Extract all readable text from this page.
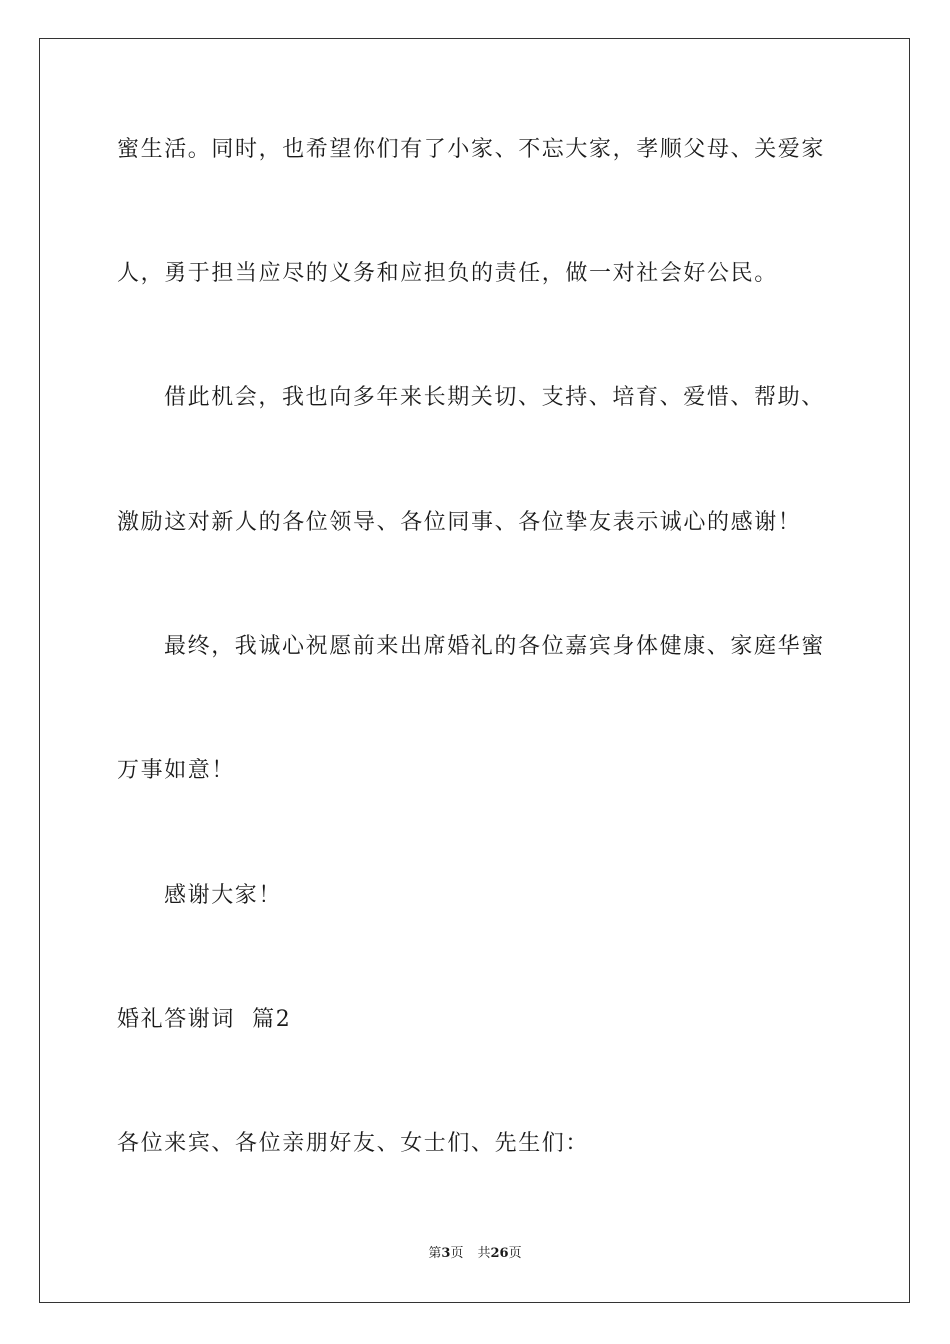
蜜生活。同时，也希望你们有了小家、不忘大家，孝顺父母、关爱家
人，勇于担当应尽的义务和应担负的责任，做一对社会好公民。
借此机会，我也向多年来长期关切、支持、培育、爱惜、帮助、
激励这对新人的各位领导、各位同事、各位挚友表示诚心的感谢！
最终，我诚心祝愿前来出席婚礼的各位嘉宾身体健康、家庭华蜜
万事如意！
感谢大家！
婚礼答谢词  篇2
各位来宾、各位亲朋好友、女士们、先生们：
第3页 共26页
